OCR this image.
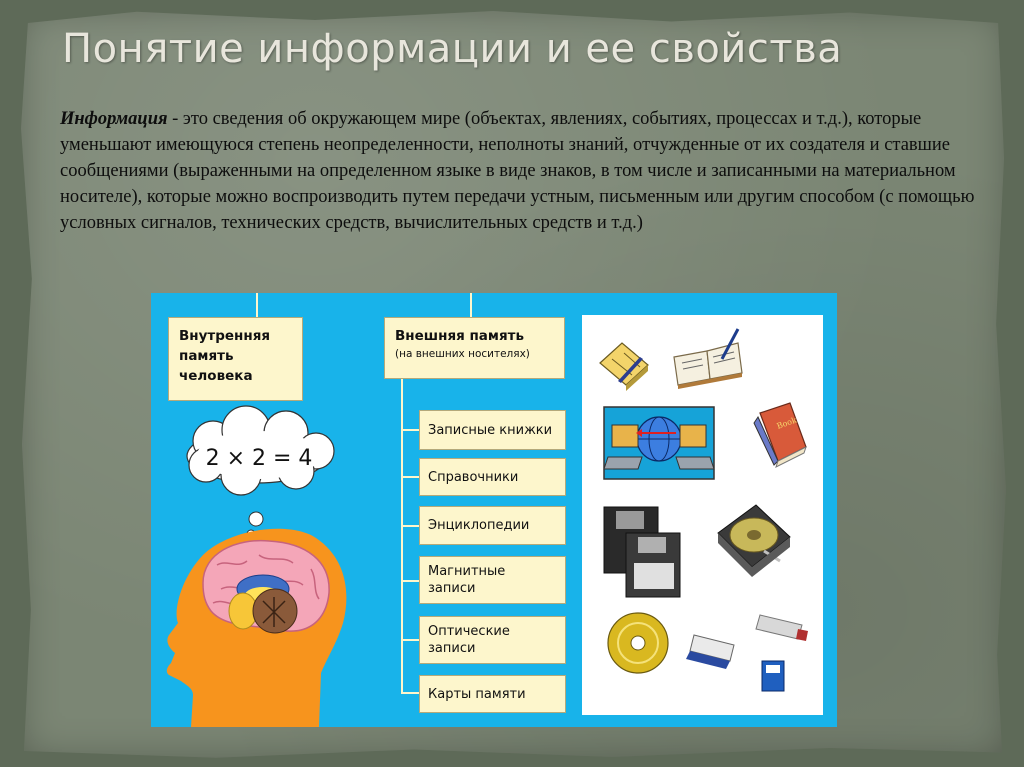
Понятие информации и ее свойства

Информация - это сведения об окружающем мире (объектах, явлениях, событиях, процессах и т.д.), которые уменьшают имеющуюся степень неопределенности, неполноты знаний, отчужденные от их создателя и ставшие сообщениями (выраженными на определенном языке в виде знаков, в том числе и записанными на материальном носителе), которые можно воспроизводить путем передачи устным, письменным или другим способом (с помощью условных сигналов, технических средств, вычислительных средств и т.д.)

Внутренняя
память
человека
Внешняя память
(на внешних носителях)
Записные книжки
Справочники
Энциклопедии
Магнитные записи
Оптические записи
Карты памяти
2 × 2 = 4
Book
